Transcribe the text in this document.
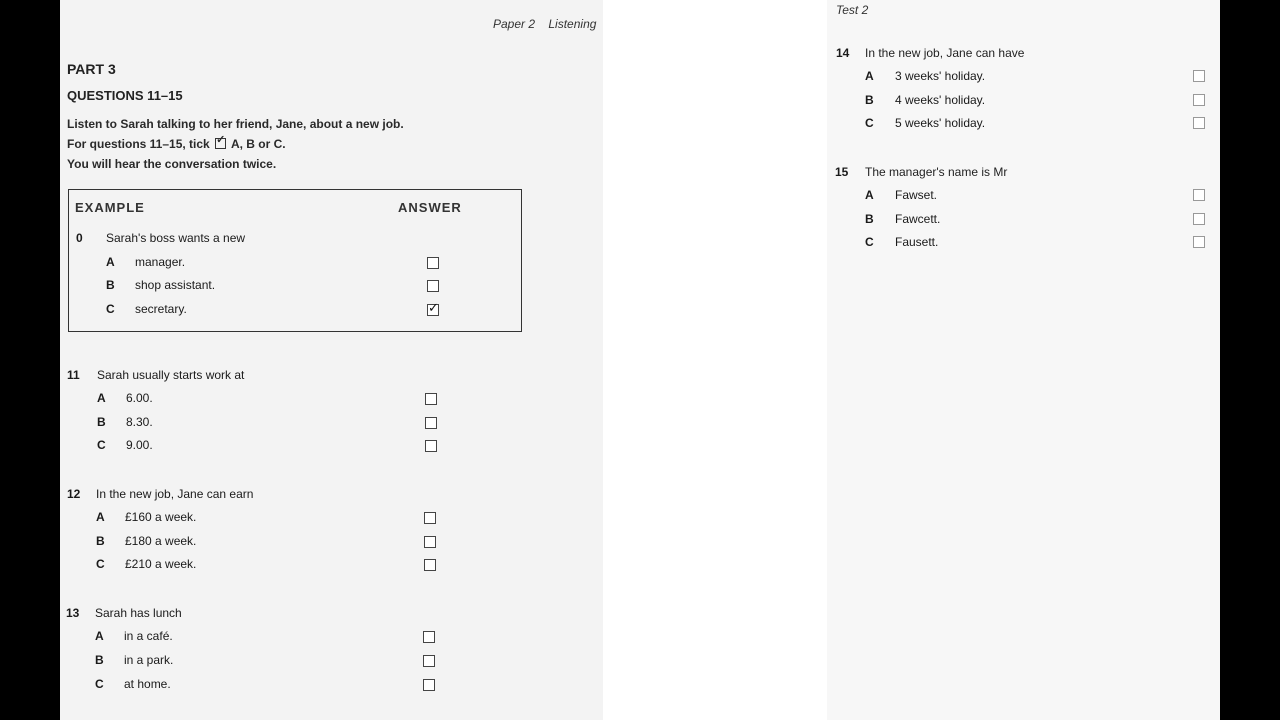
Paper 2 Listening
PART 3
QUESTIONS 11–15
Listen to Sarah talking to her friend, Jane, about a new job.
For questions 11–15, tick ✓ A, B or C.
You will hear the conversation twice.
EXAMPLE	ANSWER
0 Sarah's boss wants a new
A manager.
B shop assistant.
C secretary.	✓
11 Sarah usually starts work at
A 6.00.
B 8.30.
C 9.00.
12 In the new job, Jane can earn
A £160 a week.
B £180 a week.
C £210 a week.
13 Sarah has lunch
A in a café.
B in a park.
C at home.
Test 2
14 In the new job, Jane can have
A 3 weeks' holiday.
B 4 weeks' holiday.
C 5 weeks' holiday.
15 The manager's name is Mr
A Fawset.
B Fawcett.
C Fausett.
